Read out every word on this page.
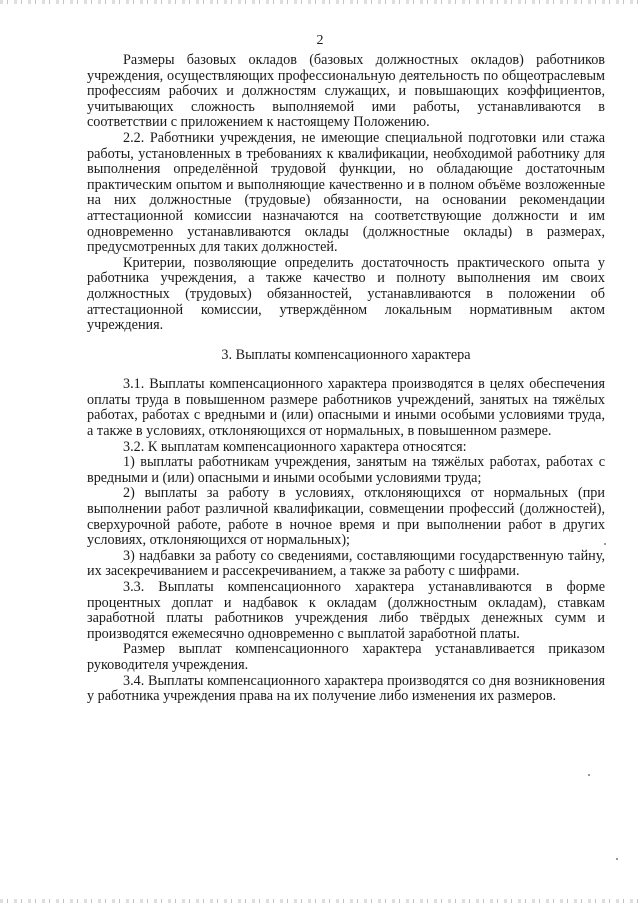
2

Размеры базовых окладов (базовых должностных окладов) работников учреждения, осуществляющих профессиональную деятельность по общеотраслевым профессиям рабочих и должностям служащих, и повышающих коэффициентов, учитывающих сложность выполняемой ими работы, устанавливаются в соответствии с приложением к настоящему Положению.

2.2. Работники учреждения, не имеющие специальной подготовки или стажа работы, установленных в требованиях к квалификации, необходимой работнику для выполнения определённой трудовой функции, но обладающие достаточным практическим опытом и выполняющие качественно и в полном объёме возложенные на них должностные (трудовые) обязанности, на основании рекомендации аттестационной комиссии назначаются на соответствующие должности и им одновременно устанавливаются оклады (должностные оклады) в размерах, предусмотренных для таких должностей.

Критерии, позволяющие определить достаточность практического опыта у работника учреждения, а также качество и полноту выполнения им своих должностных (трудовых) обязанностей, устанавливаются в положении об аттестационной комиссии, утверждённом локальным нормативным актом учреждения.

3. Выплаты компенсационного характера

3.1. Выплаты компенсационного характера производятся в целях обеспечения оплаты труда в повышенном размере работников учреждений, занятых на тяжёлых работах, работах с вредными и (или) опасными и иными особыми условиями труда, а также в условиях, отклоняющихся от нормальных, в повышенном размере.

3.2. К выплатам компенсационного характера относятся:

1) выплаты работникам учреждения, занятым на тяжёлых работах, работах с вредными и (или) опасными и иными особыми условиями труда;

2) выплаты за работу в условиях, отклоняющихся от нормальных (при выполнении работ различной квалификации, совмещении профессий (должностей), сверхурочной работе, работе в ночное время и при выполнении работ в других условиях, отклоняющихся от нормальных);

3) надбавки за работу со сведениями, составляющими государственную тайну, их засекречиванием и рассекречиванием, а также за работу с шифрами.

3.3. Выплаты компенсационного характера устанавливаются в форме процентных доплат и надбавок к окладам (должностным окладам), ставкам заработной платы работников учреждения либо твёрдых денежных сумм и производятся ежемесячно одновременно с выплатой заработной платы.

Размер выплат компенсационного характера устанавливается приказом руководителя учреждения.

3.4. Выплаты компенсационного характера производятся со дня возникновения у работника учреждения права на их получение либо изменения их размеров.
